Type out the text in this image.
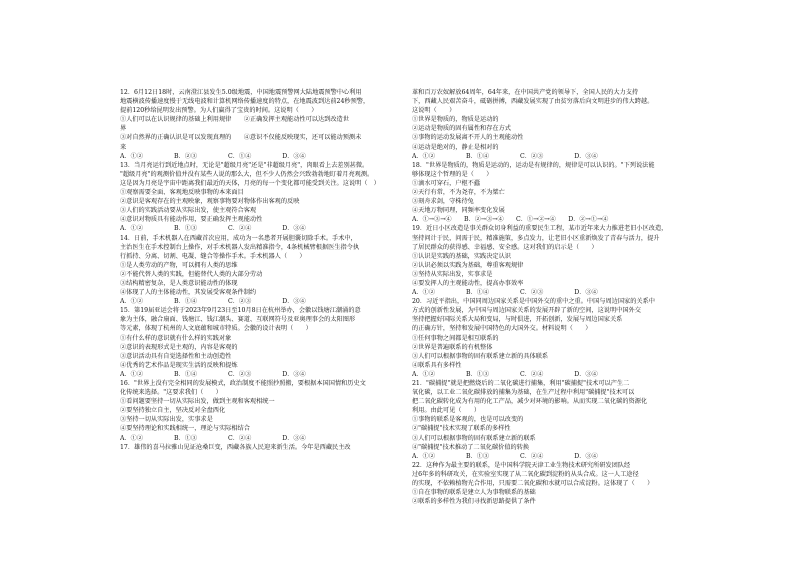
12．6月12日18时，云南澄江县发生5.0级地震，中国地震预警网大陆地震预警中心利用
地震横波传播速度慢于无线电波和计算机网络传播速度的特点，在地震波到达前24秒预警，
提前120秒给昆明发出预警。为人们赢得了宝贵的时间。这说明（　　）
①人们可以在认识规律的基础上利用规律　　②正确发挥主观能动性可以达到改造世
界
③对自然界的正确认识是可以发现真理的　　④意识不仅能反映现实，还可以能动预测未
来
A．①②　　　　　B．②③　　　　　C．①④　　　　　D．③④
13．当月亮运行到近地点时，无论是"超级月亮"还是"非超级月亮"，肉眼看上去差别甚微。
"超级月亮"的观测价值并没有某些人说的那么大，但不少人仍然会兴致勃勃地盯着月亮观测。
这是因为月亮是宇宙中距离我们最近的天体，月亮的每一个变化都可能受到关注。这说明（　）
①观察需要全面、客观地反映事物的本来面目
②意识是客观存在的主观映象，观察事物要对物体作出客观的反映
③人们的实践活动要从实际出发，使主观符合客观
④意识对物质具有能动作用，要正确发挥主观能动性
A．①②　　　　　B．①③　　　　　C．②④　　　　　D．③④
14．日前，手术机器人在西藏首次应用，成功为一名患者开展胆囊切除手术。手术中，
主治医生在手术控制台上操作，对手术机器人发出精准指令，4条机械臂根据医生指令执
行抓持、分离、切割、电凝、缝合等操作手术。手术机器人（　　）
①是人类劳动的产物，可以拥有人类的思维
②不能代替人类的实践，但能替代人类的大部分劳动
③结构精密复杂，是人类意识能动性的体现
④体现了人的主体能动性，其发展受客观条件制约
A．①②　　　　　B．①④　　　　　C．②③　　　　　D．③④
15．第19届亚运会将于2023年9月23日至10月8日在杭州举办，会徽以钱塘江潮涌的意
象为主体，融合扇面、钱塘江、钱江潮头、赛道、互联网符号及亚奥理事会的太阳图形
等元素，体现了杭州的人文底蕴和城市特质。会徽的设计表明（　　）
①有什么样的意识就有什么样的实践对象
②意识的表现形式是主观的，内容是客观的
③意识活动具有自觉选择性和主动创造性
④优秀的艺术作品是现实生活的反映和提炼
A．①②　　　　　B．①④　　　　　C．②③　　　　　D．③④
16．"世界上没有完全相同的发展模式，政治制度不能照抄照搬，要根据本国国情和历史文
化传统来选择。"这要求我们（　　）
①看问题要坚持一切从实际出发，做到主观和客观相统一
②要坚持独立自主，坚决反对全盘西化
③坚持一切从实际出发，实事求是
④要坚持理论和实践相统一，理论与实际相结合
A．①②　　　　　B．①③　　　　　C．②④　　　　　D．③④
17．雄伟的喜马拉雅山见证沧桑巨变，西藏各族人民迎来新生活。今年是西藏民主改
革和百万农奴解放64周年，64年来，在中国共产党的领导下，全国人民的大力支持
下，西藏人民艰苦奋斗，砥砺拼搏，西藏发展实现了由贫穷落后向文明进步的伟大跨越。
这说明（　　）
①世界是物质的，物质是运动的
②运动是物质的固有属性和存在方式
③事物的运动发展离不开人的主观能动性
④运动是绝对的，静止是相对的
A．①②　　　　　B．①④　　　　　C．②③　　　　　D．③④
18．"世界是物质的，物质是运动的，运动是有规律的，规律是可以认识的。"下列说法能
够体现这个哲理的是（　　）
①滴水可穿石，户枢不蠹
②天行有常，不为尧存，不为桀亡
③刻舟求剑，守株待兔
④天地万物同理，同频率变化发展
A．①→③→④　　B．②→③→④　　C．①→②→④　　D．②→①→④
19．近日小区改造是事关群众切身利益的重要民生工程，某市近年来大力推进老旧小区改造，
坚持问计于民，问需于民，精准施策，多点发力，让老旧小区重新焕发了青春与活力，提升
了居民群众的获得感、幸福感、安全感。这对我们的启示是（　　）
①认识是实践的基础，实践决定认识
②认识必须以实践为基础，尊重客观规律
③坚持从实际出发，实事求是
④要发挥人的主观能动性，提高办事效率
A．①②　　　　　B．①④　　　　　C．②③　　　　　D．③④
20．习近平指出，中国同周边国家关系是中国外交的重中之重。中国与周边国家的关系中
方式的创新性发展，为中国与周边国家关系的发展开辟了新的空间，这说明中国外交
坚持把握好国际关系大局和变局，与时俱进，开拓创新，发展与周边国家关系
的正确方针，坚持和发展中国特色的大国外交。材料说明（　　）
①任何事物之间都是相互联系的
②世界是普遍联系的有机整体
③人们可以根据事物的固有联系建立新的具体联系
④联系具有多样性
A．①②　　　　　B．①③　　　　　C．②④　　　　　D．③④
21．"碳捕捉"就是把燃烧后的二氧化碳进行捕集，利用"碳捕捉"技术可以产生二
氧化碳，以工业二氧化碳排放的捕集为基础，在生产过程中利用"碳捕捉"技术可以
把二氧化碳转化成为有用的化工产品，减少对环境的影响。从而实现二氧化碳的资源化
利用。由此可见（　　）
①事物的联系是客观的，也是可以改变的
②"碳捕捉"技术实现了联系的多样性
③人们可以根据事物的固有联系建立新的联系
④"碳捕捉"技术推动了二氧化碳价值的转换
A．①②　　　　　B．①③　　　　　C．②④　　　　　D．③④
22．这种作为最主要的联系，是中国科学院天津工业生物技术研究所研发团队经
过6年多的科研攻关，在实验室实现了从二氧化碳到淀粉的从头合成。这一人工途径
的实现，不依赖植物光合作用，只需要二氧化碳和水就可以合成淀粉。这体现了（　　）
①自在事物的联系是建立人为事物联系的基础
②联系的多样性为我们寻找新思路提供了条件
